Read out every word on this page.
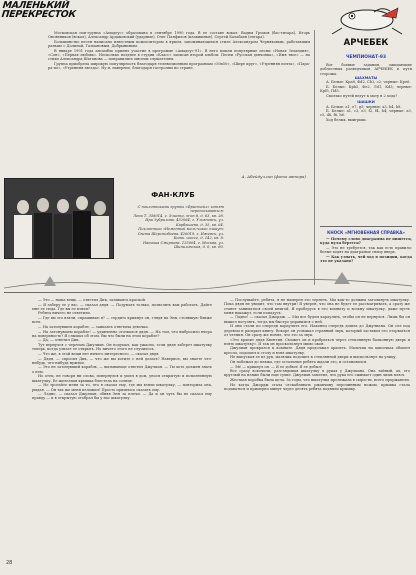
МАЛЕНЬКИЙ ПЕРЕКРЕСТОК

Московская поп-группа «Амадеус» образована в сентябре 1990 года. В ее составе вокал: Вадим Громов (бас-гитара), Игорь Овсянников (вокал), Александр Ардаковский (ударные), Олег Панфилов (клавишные), Сергей Балабаев (гитара).

Большинство песен написано известным композитором в ярком, запоминающемся стиле Александром Черняковым, работавшим раньше с Долиной, Газмановым, Добрыниным.

В январе 1991 года ансамбль принял участие в программе «Амадеус-91». В него вошли популярные песни «Новая Зеландия», «Сон», «Первая любовь». Несколько позднее в студии «Класс» записан второй альбом. Песни «Русская девчонка», «Имя твое» — на стихи Александра Шаганова — понравились многим слушателям.

Группа приобрела широкую популярность благодаря телевизионным программам «50х50», «Шире круг», «Утренняя почта», «Пара-ра-по», «Утренняя звезда». Ну и, наверное, благодаря гастролям по стране.

А. Абейдуллин (фото автора)
ФАН-КЛУБ

С поклонниками группы «Фристайл» хотят переписываться:

Лена Т. 358014, г. Элиста, м-он 8, д. 63, кв. 28.

Ира Зубрилова. 432064, г. Ульяновск, ул. Карбышева, д. 35, кв. 64.

Поклонники «Неменный маль-чика» пишут:

Света Шерстобоева. 426019, г. Ижевск, ул. Ботк. шоссе, д. 142, кв. 8.

Наташа Смирнова. 125004, г. Москва, ул. Шипиловская, д. 6, кв. 60.

АРЧЕБЕК
ЧЕМПИОНАТ-93

Вот боевые задания, ожидающие доблестных разведчиков АРЧЕБЕК в пути сторожа.

ШАХМАТЫ

А. Белые: Крa8, Фd2, Сb2, c2; черные: Крe6.

Б. Белые: Крb5, Фe2, Лd1, Кd3; черные: Крf5, Пd5.

Сколько путей ведут к мату в 2 хода?

ШАШКИ

А. Белые: а1, е7, g5; черные: а3, b4, h8.

Б. Белые: а1, с3, е3, f2, f4, h4; черные: а3, с5, d6, f6, h6.

Ход белых, выигрыш.

КНОСК «МГНОВЕННАЯ СПРАВКА»

— Почему слово диаграмма не пишется, куда нуля берется?

— Это не требуется, так как есть правило: белые ходят на диаграмме снизу вверх.

— Как узнать, чей ход в позиции, когда это не указано?

— Это — наша вещь, — ответил Дик, заливаясь краской.

— Я заберу ее у вас, — сказал дядя. — Подумать только, позволить вам работать. Дайте мне ее сюда. Где вы ее взяли?

Ребята ничего не ответили.

— Где вы это взяли, спрашиваю я? — сердито крикнул он, глядя на Энн, стоявшую ближе всех.

— На затонувшем корабле, — заикаясь ответила девочка.

— На затонувшем корабле! — удивленно отозвался дядя. — На том, что выбросило вчера на поверхность? Я слышал об этом. Вы что были на этом корабле?

— Да, — ответил Дик.

Тут вернулся с черепом Джулиан. Он подумал, как ужасно, если дядя заберет шкатулку теперь, когда узнает ее открыть. Но ничего этого не случилось.

— Что же, в этой вещи нет ничего интересного, — сказал дядя.

— Дядя, — спросил Дик, — что же вы хотите с ней делать? Наверное, вы знаете что-нибудь, что-нибудь нужное.

— Это не затонувший корабль, — вызывающе ответил Джулиан. — Ты хоть должен знать о нем.

Но отец, не говоря ни слова, повернулся и ушел в дом, унося открытую и пополненную шкатулку. Ее железная крышка блестела на солнце.

— Не трогайте меня за то, что я сказал ему, где мы взяли шкатулку, — повторила она, рыдая. — Он так же меня изложил! Просто пришлось сказать ему.

— Ладно, — сказал Джулиан, обняв Энн за плечи. — Да и он чуть бы не сказал ему правду — и в открытую отобрал бы у нас шкатулку.

— Послушайте, ребята, я не намерен это терпеть. Мы как-то должны затолкнуть шкатулку. Пока дядя не увидит, что там внутри! Я уверен, что она не будет ее рассматривать, а сразу же станет заниматься своей книгой. Я проберусь в его комнату и возьму шкатулку, даже пусть меня накажут, если попадусь.

— Ладно! — сказал Джордж. — Мы все будем караулить, чтобы он не вернулся. Лишь бы он вышел погулять, тогда мы быстро управимся с ней.

И они стали по очереди караулить его. Наконец очередь дошла до Джулиана. Он сел под деревом и раскрыл книгу. Вскоре он услышал странный звук, который заставил его оторваться от чтения. Он сразу же понял, что это за звук.

«Это храпит дядя Квентин. Сможет он и пробраться через стеклянную балконную дверь и взять шкатулку». И так он проскользнул мимо окон.

Джулиан прокрался к комнате. Дядя продолжал храпеть. Мальчик на цыпочках обошел кресло, подошел к столу и взял шкатулку.

Не выпуская ее из рук, мальчик подошел к стеклянной двери и выскользнул на улицу.

Он побежал до пляжа, где остальные ребята ждали его, и остановился.

— Эй! — крикнул он. — Я ее добыл! Я ее добыл!

Все сразу вскочили, разглядывая шкатулку в руках у Джулиана. Она тайный, ах, его круглый на пляже были еще сухие. Джулиан заметил, что рука его сжимает один лишь ключ.

Жесткая коробка была цела. За годы, что шкатулка пролежала в сырости, всего проржавели.

Но когда Джордж стала отскабливать ржавчину перочинным ножом, крышка стала подаваться и примерно минут через десять ребята подняли крышку.

28
